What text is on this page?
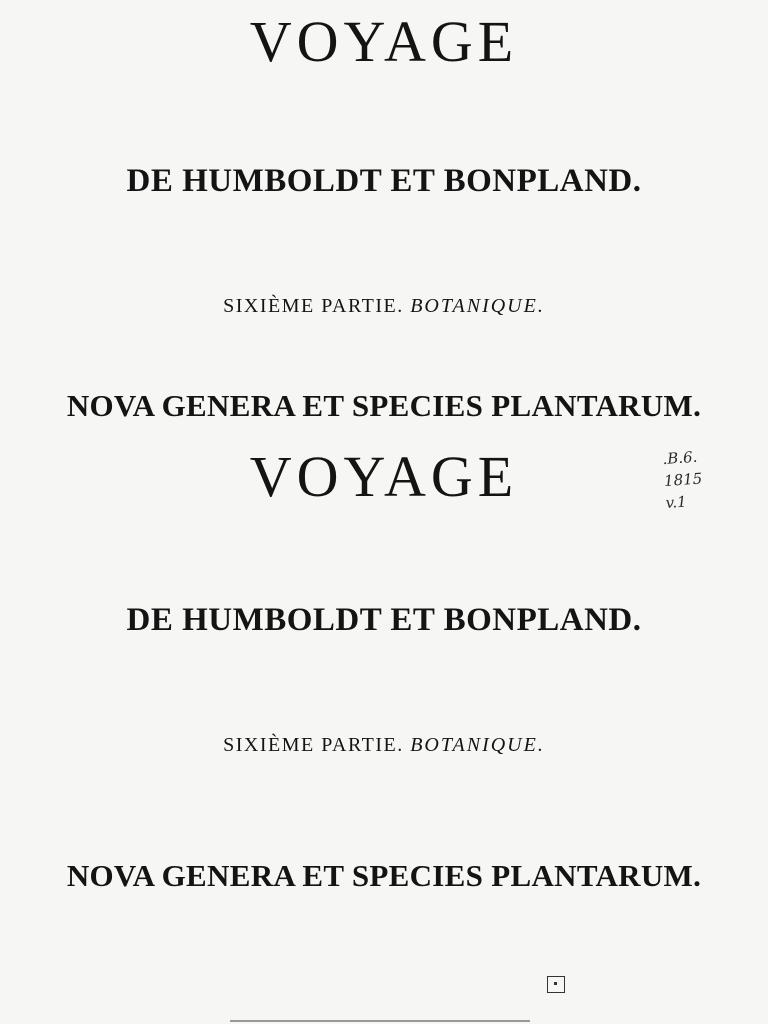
VOYAGE
DE HUMBOLDT ET BONPLAND.
SIXIÈME PARTIE. BOTANIQUE.
NOVA GENERA ET SPECIES PLANTARUM.
VOYAGE
DE HUMBOLDT ET BONPLAND.
SIXIÈME PARTIE. BOTANIQUE.
NOVA GENERA ET SPECIES PLANTARUM.
.B.6.
1815
v.1
